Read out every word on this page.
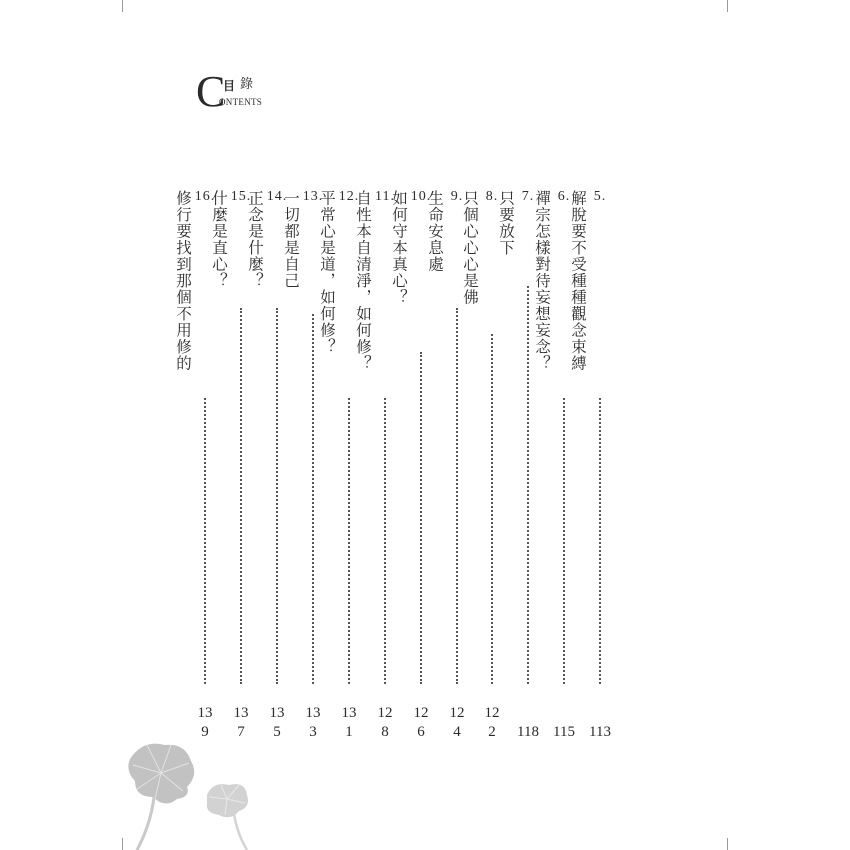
C
目 錄
ONTENTS
5.
解脫要不受種種觀念束縛
113
6.
禪宗怎樣對待妄想妄念？
115
7.
只要放下
118
8.
只個心心心是佛
122
9.
生命安息處
124
10.
如何守本真心？
126
11.
自性本自清淨，如何修？
128
12.
平常心是道，如何修？
131
13.
一切都是自己
133
14.
正念是什麼？
135
15.
什麼是直心？
137
16.
修行要找到那個不用修的
139
